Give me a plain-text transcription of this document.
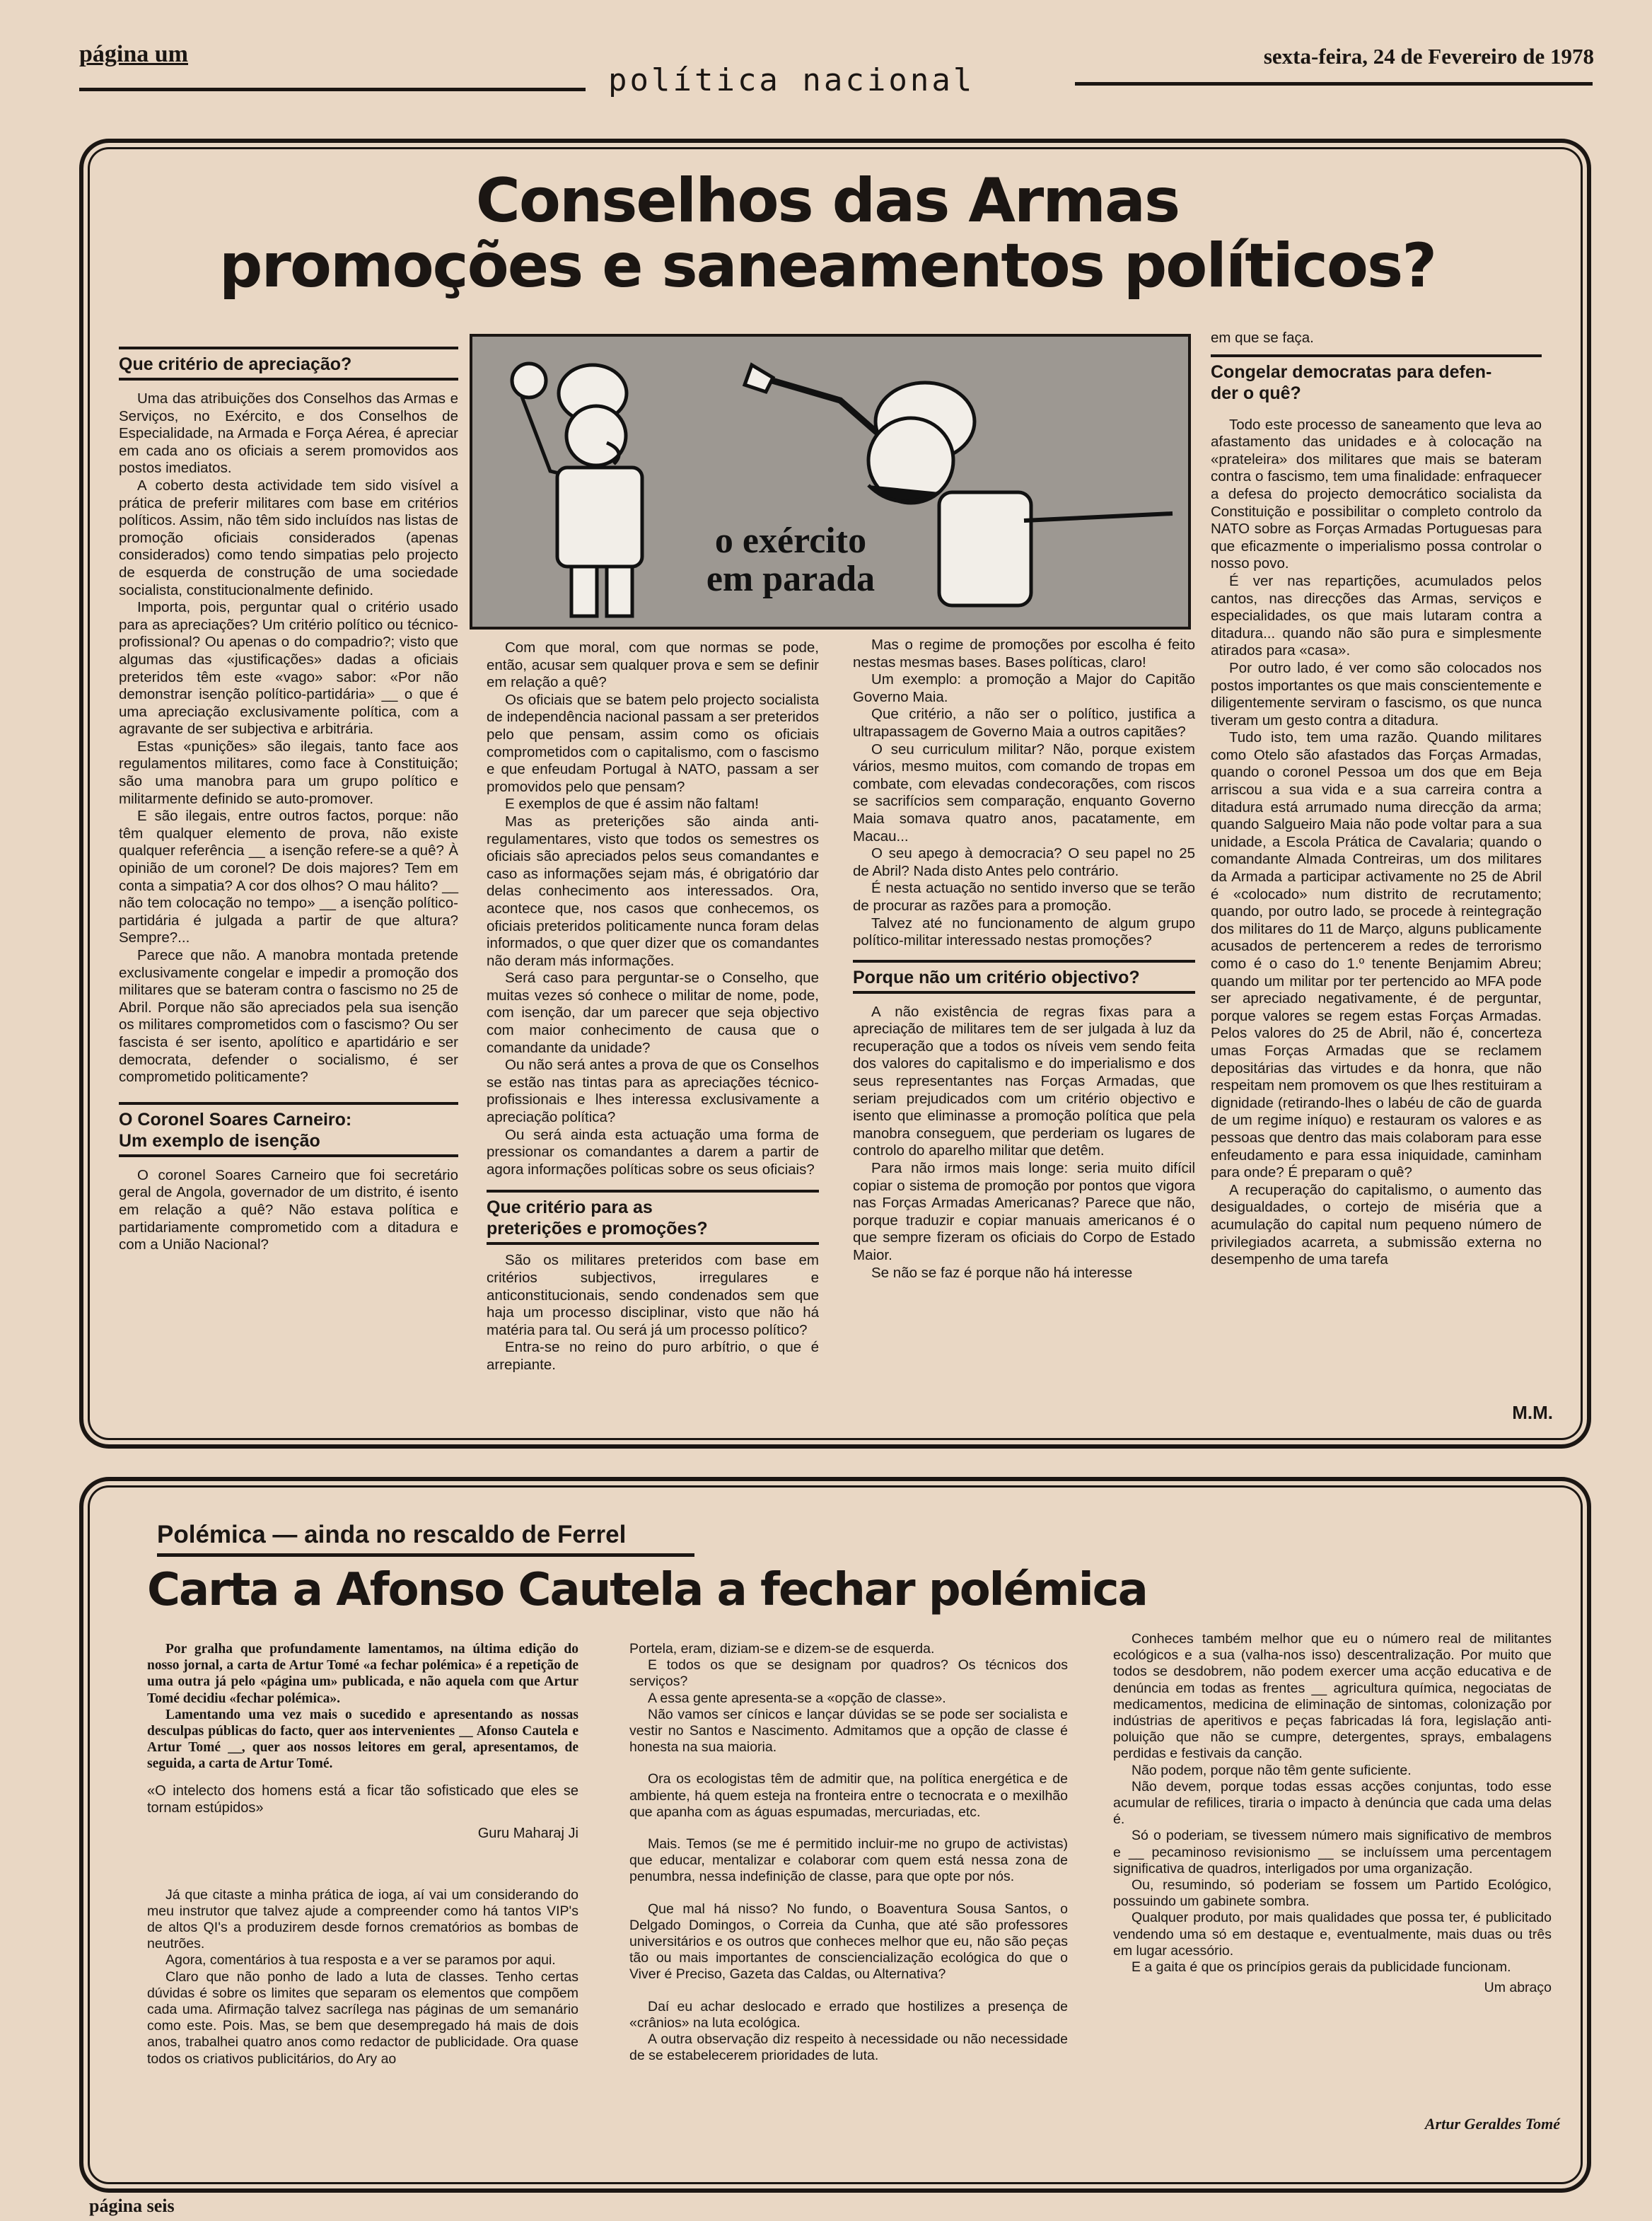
página um
política nacional
sexta-feira, 24 de Fevereiro de 1978
Conselhos das Armas
promoções e saneamentos políticos?
Que critério de apreciação?

Uma das atribuições dos Conselhos das Armas e Serviços, no Exército, e dos Conselhos de Especialidade, na Armada e Força Aérea, é apreciar em cada ano os oficiais a serem promovidos aos postos imediatos.

A coberto desta actividade tem sido visível a prática de preferir militares com base em critérios políticos. Assim, não têm sido incluídos nas listas de promoção oficiais considerados (apenas considerados) como tendo simpatias pelo projecto de esquerda de construção de uma sociedade socialista, constitucionalmente definido.

Importa, pois, perguntar qual o critério usado para as apreciações? Um critério político ou técnico-profissional? Ou apenas o do compadrio?; visto que algumas das «justificações» dadas a oficiais preteridos têm este «vago» sabor: «Por não demonstrar isenção político-partidária» __ o que é uma apreciação exclusivamente política, com a agravante de ser subjectiva e arbitrária.

Estas «punições» são ilegais, tanto face aos regulamentos militares, como face à Constituição; são uma manobra para um grupo político e militarmente definido se auto-promover.

E são ilegais, entre outros factos, porque: não têm qualquer elemento de prova, não existe qualquer referência __ a isenção refere-se a quê? À opinião de um coronel? De dois majores? Tem em conta a simpatia? A cor dos olhos? O mau hálito? __ não tem colocação no tempo» __ a isenção político-partidária é julgada a partir de que altura? Sempre?...

Parece que não. A manobra montada pretende exclusivamente congelar e impedir a promoção dos militares que se bateram contra o fascismo no 25 de Abril. Porque não são apreciados pela sua isenção os militares comprometidos com o fascismo? Ou ser fascista é ser isento, apolítico e apartidário e ser democrata, defender o socialismo, é ser comprometido politicamente?

O Coronel Soares Carneiro:
Um exemplo de isenção

O coronel Soares Carneiro que foi secretário geral de Angola, governador de um distrito, é isento em relação a quê? Não estava política e partidariamente comprometido com a ditadura e com a União Nacional?

o exército
em parada

Com que moral, com que normas se pode, então, acusar sem qualquer prova e sem se definir em relação a quê?

Os oficiais que se batem pelo projecto socialista de independência nacional passam a ser preteridos pelo que pensam, assim como os oficiais comprometidos com o capitalismo, com o fascismo e que enfeudam Portugal à NATO, passam a ser promovidos pelo que pensam?

E exemplos de que é assim não faltam!

Mas as preterições são ainda anti-regulamentares, visto que todos os semestres os oficiais são apreciados pelos seus comandantes e caso as informações sejam más, é obrigatório dar delas conhecimento aos interessados. Ora, acontece que, nos casos que conhecemos, os oficiais preteridos politicamente nunca foram delas informados, o que quer dizer que os comandantes não deram más informações.

Será caso para perguntar-se o Conselho, que muitas vezes só conhece o militar de nome, pode, com isenção, dar um parecer que seja objectivo com maior conhecimento de causa que o comandante da unidade?

Ou não será antes a prova de que os Conselhos se estão nas tintas para as apreciações técnico-profissionais e lhes interessa exclusivamente a apreciação política?

Ou será ainda esta actuação uma forma de pressionar os comandantes a darem a partir de agora informações políticas sobre os seus oficiais?

Que critério para as
preterições e promoções?

São os militares preteridos com base em critérios subjectivos, irregulares e anticonstitucionais, sendo condenados sem que haja um processo disciplinar, visto que não há matéria para tal. Ou será já um processo político?

Entra-se no reino do puro arbítrio, o que é arrepiante.

Mas o regime de promoções por escolha é feito nestas mesmas bases. Bases políticas, claro!

Um exemplo: a promoção a Major do Capitão Governo Maia.

Que critério, a não ser o político, justifica a ultrapassagem de Governo Maia a outros capitães?

O seu curriculum militar? Não, porque existem vários, mesmo muitos, com comando de tropas em combate, com elevadas condecorações, com riscos se sacrifícios sem comparação, enquanto Governo Maia somava quatro anos, pacatamente, em Macau...

O seu apego à democracia? O seu papel no 25 de Abril? Nada disto Antes pelo contrário.

É nesta actuação no sentido inverso que se terão de procurar as razões para a promoção.

Talvez até no funcionamento de algum grupo político-militar interessado nestas promoções?

Porque não um critério objectivo?

A não existência de regras fixas para a apreciação de militares tem de ser julgada à luz da recuperação que a todos os níveis vem sendo feita dos valores do capitalismo e do imperialismo e dos seus representantes nas Forças Armadas, que seriam prejudicados com um critério objectivo e isento que eliminasse a promoção política que pela manobra conseguem, que perderiam os lugares de controlo do aparelho militar que detêm.

Para não irmos mais longe: seria muito difícil copiar o sistema de promoção por pontos que vigora nas Forças Armadas Americanas? Parece que não, porque traduzir e copiar manuais americanos é o que sempre fizeram os oficiais do Corpo de Estado Maior.

Se não se faz é porque não há interesse

em que se faça.

Congelar democratas para defen-
der o quê?

Todo este processo de saneamento que leva ao afastamento das unidades e à colocação na «prateleira» dos militares que mais se bateram contra o fascismo, tem uma finalidade: enfraquecer a defesa do projecto democrático socialista da Constituição e possibilitar o completo controlo da NATO sobre as Forças Armadas Portuguesas para que eficazmente o imperialismo possa controlar o nosso povo.

É ver nas repartições, acumulados pelos cantos, nas direcções das Armas, serviços e especialidades, os que mais lutaram contra a ditadura... quando não são pura e simplesmente atirados para «casa».

Por outro lado, é ver como são colocados nos postos importantes os que mais conscientemente e diligentemente serviram o fascismo, os que nunca tiveram um gesto contra a ditadura.

Tudo isto, tem uma razão. Quando militares como Otelo são afastados das Forças Armadas, quando o coronel Pessoa um dos que em Beja arriscou a sua vida e a sua carreira contra a ditadura está arrumado numa direcção da arma; quando Salgueiro Maia não pode voltar para a sua unidade, a Escola Prática de Cavalaria; quando o comandante Almada Contreiras, um dos militares da Armada a participar activamente no 25 de Abril é «colocado» num distrito de recrutamento; quando, por outro lado, se procede à reintegração dos militares do 11 de Março, alguns publicamente acusados de pertencerem a redes de terrorismo como é o caso do 1.º tenente Benjamim Abreu; quando um militar por ter pertencido ao MFA pode ser apreciado negativamente, é de perguntar, porque valores se regem estas Forças Armadas. Pelos valores do 25 de Abril, não é, concerteza umas Forças Armadas que se reclamem depositárias das virtudes e da honra, que não respeitam nem promovem os que lhes restituiram a dignidade (retirando-lhes o labéu de cão de guarda de um regime iníquo) e restauram os valores e as pessoas que dentro das mais colaboram para esse enfeudamento e para essa iniquidade, caminham para onde? É preparam o quê?

A recuperação do capitalismo, o aumento das desigualdades, o cortejo de miséria que a acumulação do capital num pequeno número de privilegiados acarreta, a submissão externa no desempenho de uma tarefa

M.M.
Polémica — ainda no rescaldo de Ferrel
Carta a Afonso Cautela a fechar polémica

Por gralha que profundamente lamentamos, na última edição do nosso jornal, a carta de Artur Tomé «a fechar polémica» é a repetição de uma outra já pelo «página um» publicada, e não aquela com que Artur Tomé decidiu «fechar polémica».

Lamentando uma vez mais o sucedido e apresentando as nossas desculpas públicas do facto, quer aos intervenientes __ Afonso Cautela e Artur Tomé __, quer aos nossos leitores em geral, apresentamos, de seguida, a carta de Artur Tomé.

«O intelecto dos homens está a ficar tão sofisticado que eles se tornam estúpidos»
Guru Maharaj Ji

Já que citaste a minha prática de ioga, aí vai um considerando do meu instrutor que talvez ajude a compreender como há tantos VIP's de altos QI's a produzirem desde fornos crematórios as bombas de neutrões.

Agora, comentários à tua resposta e a ver se paramos por aqui.

Claro que não ponho de lado a luta de classes. Tenho certas dúvidas é sobre os limites que separam os elementos que compõem cada uma. Afirmação talvez sacrílega nas páginas de um semanário como este. Pois. Mas, se bem que desempregado há mais de dois anos, trabalhei quatro anos como redactor de publicidade. Ora quase todos os criativos publicitários, do Ary ao

Portela, eram, diziam-se e dizem-se de esquerda.

E todos os que se designam por quadros? Os técnicos dos serviços?

A essa gente apresenta-se a «opção de classe».

Não vamos ser cínicos e lançar dúvidas se se pode ser socialista e vestir no Santos e Nascimento. Admitamos que a opção de classe é honesta na sua maioria.

Ora os ecologistas têm de admitir que, na política energética e de ambiente, há quem esteja na fronteira entre o tecnocrata e o mexilhão que apanha com as águas espumadas, mercuriadas, etc.

Mais. Temos (se me é permitido incluir-me no grupo de activistas) que educar, mentalizar e colaborar com quem está nessa zona de penumbra, nessa indefinição de classe, para que opte por nós.

Que mal há nisso? No fundo, o Boaventura Sousa Santos, o Delgado Domingos, o Correia da Cunha, que até são professores universitários e os outros que conheces melhor que eu, não são peças tão ou mais importantes de consciencialização ecológica do que o Viver é Preciso, Gazeta das Caldas, ou Alternativa?

Daí eu achar deslocado e errado que hostilizes a presença de «crânios» na luta ecológica.

A outra observação diz respeito à necessidade ou não necessidade de se estabelecerem prioridades de luta.

Conheces também melhor que eu o número real de militantes ecológicos e a sua (valha-nos isso) descentralização. Por muito que todos se desdobrem, não podem exercer uma acção educativa e de denúncia em todas as frentes __ agricultura química, negociatas de medicamentos, medicina de eliminação de sintomas, colonização por indústrias de aperitivos e peças fabricadas lá fora, legislação anti-poluição que não se cumpre, detergentes, sprays, embalagens perdidas e festivais da canção.

Não podem, porque não têm gente suficiente.

Não devem, porque todas essas acções conjuntas, todo esse acumular de refilices, tiraria o impacto à denúncia que cada uma delas é.

Só o poderiam, se tivessem número mais significativo de membros e __ pecaminoso revisionismo __ se incluíssem uma percentagem significativa de quadros, interligados por uma organização.

Ou, resumindo, só poderiam se fossem um Partido Ecológico, possuindo um gabinete sombra.

Qualquer produto, por mais qualidades que possa ter, é publicitado vendendo uma só em destaque e, eventualmente, mais duas ou três em lugar acessório.

E a gaita é que os princípios gerais da publicidade funcionam.

Um abraço
Artur Geraldes Tomé
página seis
